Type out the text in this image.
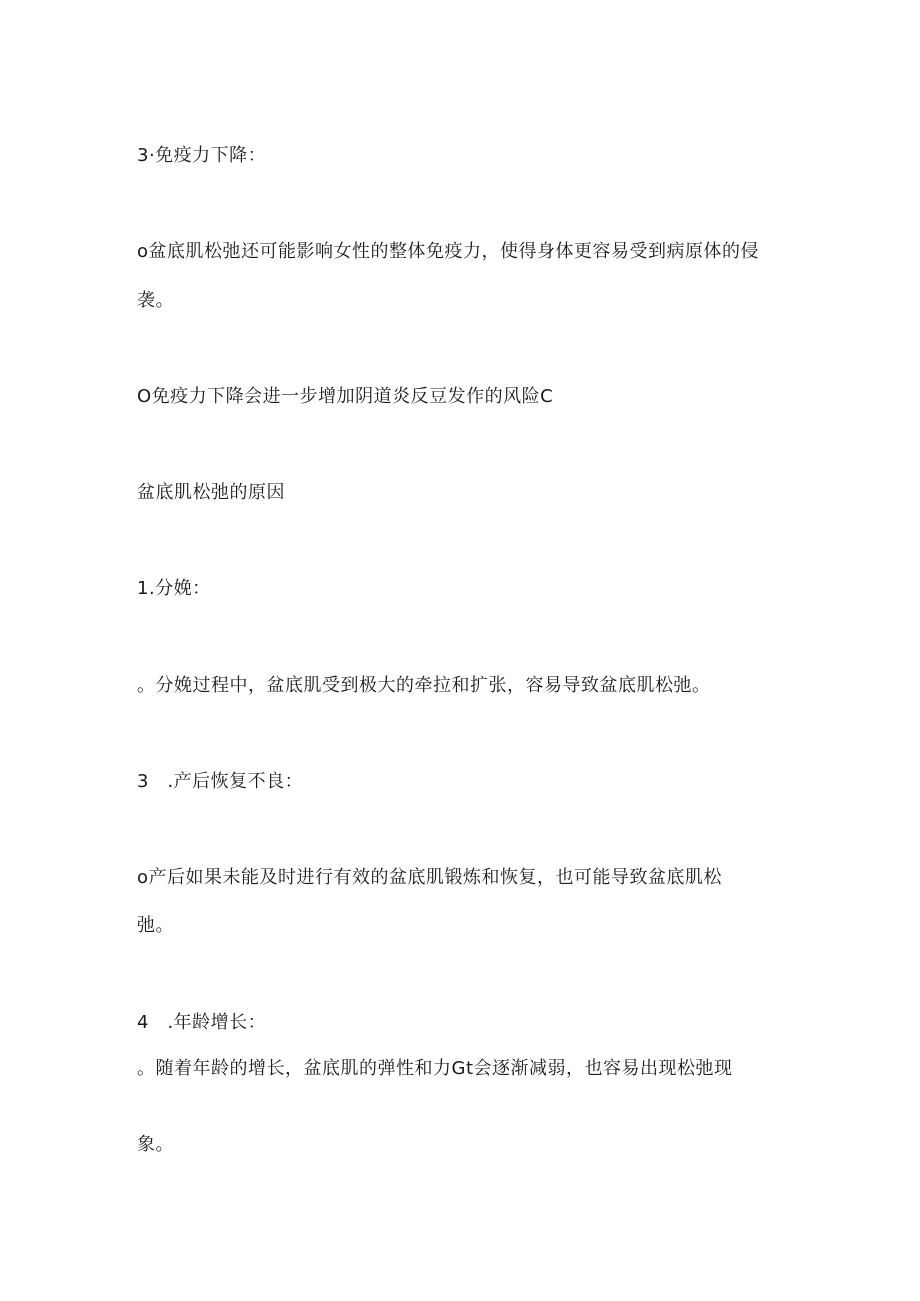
3·免疫力下降：
o盆底肌松弛还可能影响女性的整体免疫力，使得身体更容易受到病原体的侵
袭。
O免疫力下降会进一步增加阴道炎反豆发作的风险C
盆底肌松弛的原因
1.分娩：
。分娩过程中，盆底肌受到极大的牵拉和扩张，容易导致盆底肌松弛。
3　.产后恢复不良：
o产后如果未能及时进行有效的盆底肌锻炼和恢复，也可能导致盆底肌松
弛。
4　.年龄增长：
。随着年龄的增长，盆底肌的弹性和力Gt会逐渐减弱，也容易出现松弛现
象。
